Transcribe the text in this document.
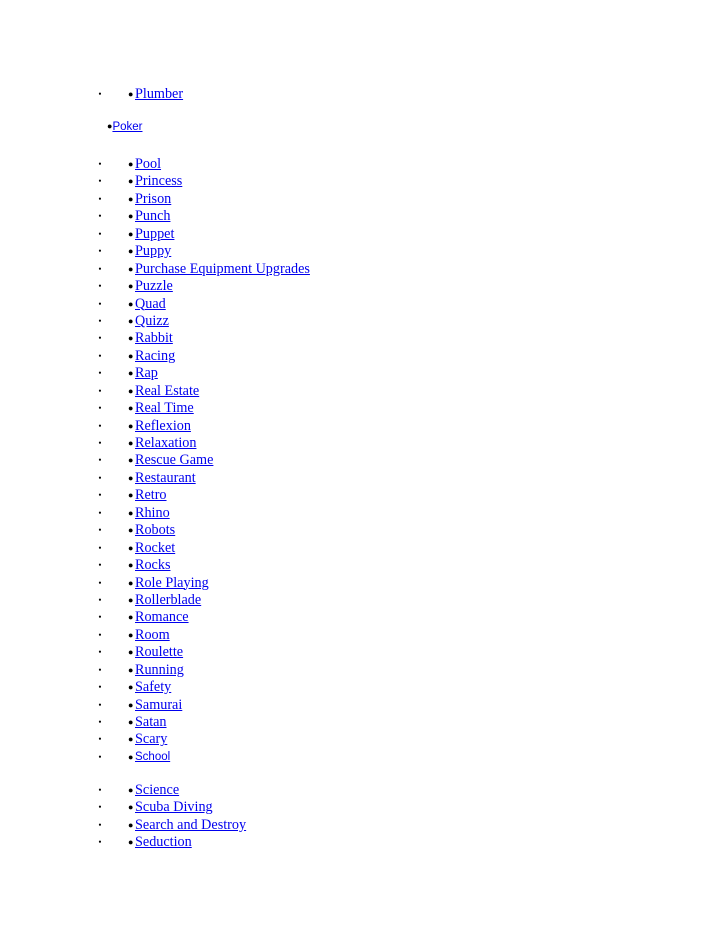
•	● Plumber
●Poker
•	● Pool
•	● Princess
•	● Prison
•	● Punch
•	● Puppet
•	● Puppy
•	● Purchase Equipment Upgrades
•	● Puzzle
•	● Quad
•	● Quizz
•	● Rabbit
•	● Racing
•	● Rap
•	● Real Estate
•	● Real Time
•	● Reflexion
•	● Relaxation
•	● Rescue Game
•	● Restaurant
•	● Retro
•	● Rhino
•	● Robots
•	● Rocket
•	● Rocks
•	● Role Playing
•	● Rollerblade
•	● Romance
•	● Room
•	● Roulette
•	● Running
•	● Safety
•	● Samurai
•	● Satan
•	● Scary
•	● School
•	● Science
•	● Scuba Diving
•	● Search and Destroy
•	● Seduction
